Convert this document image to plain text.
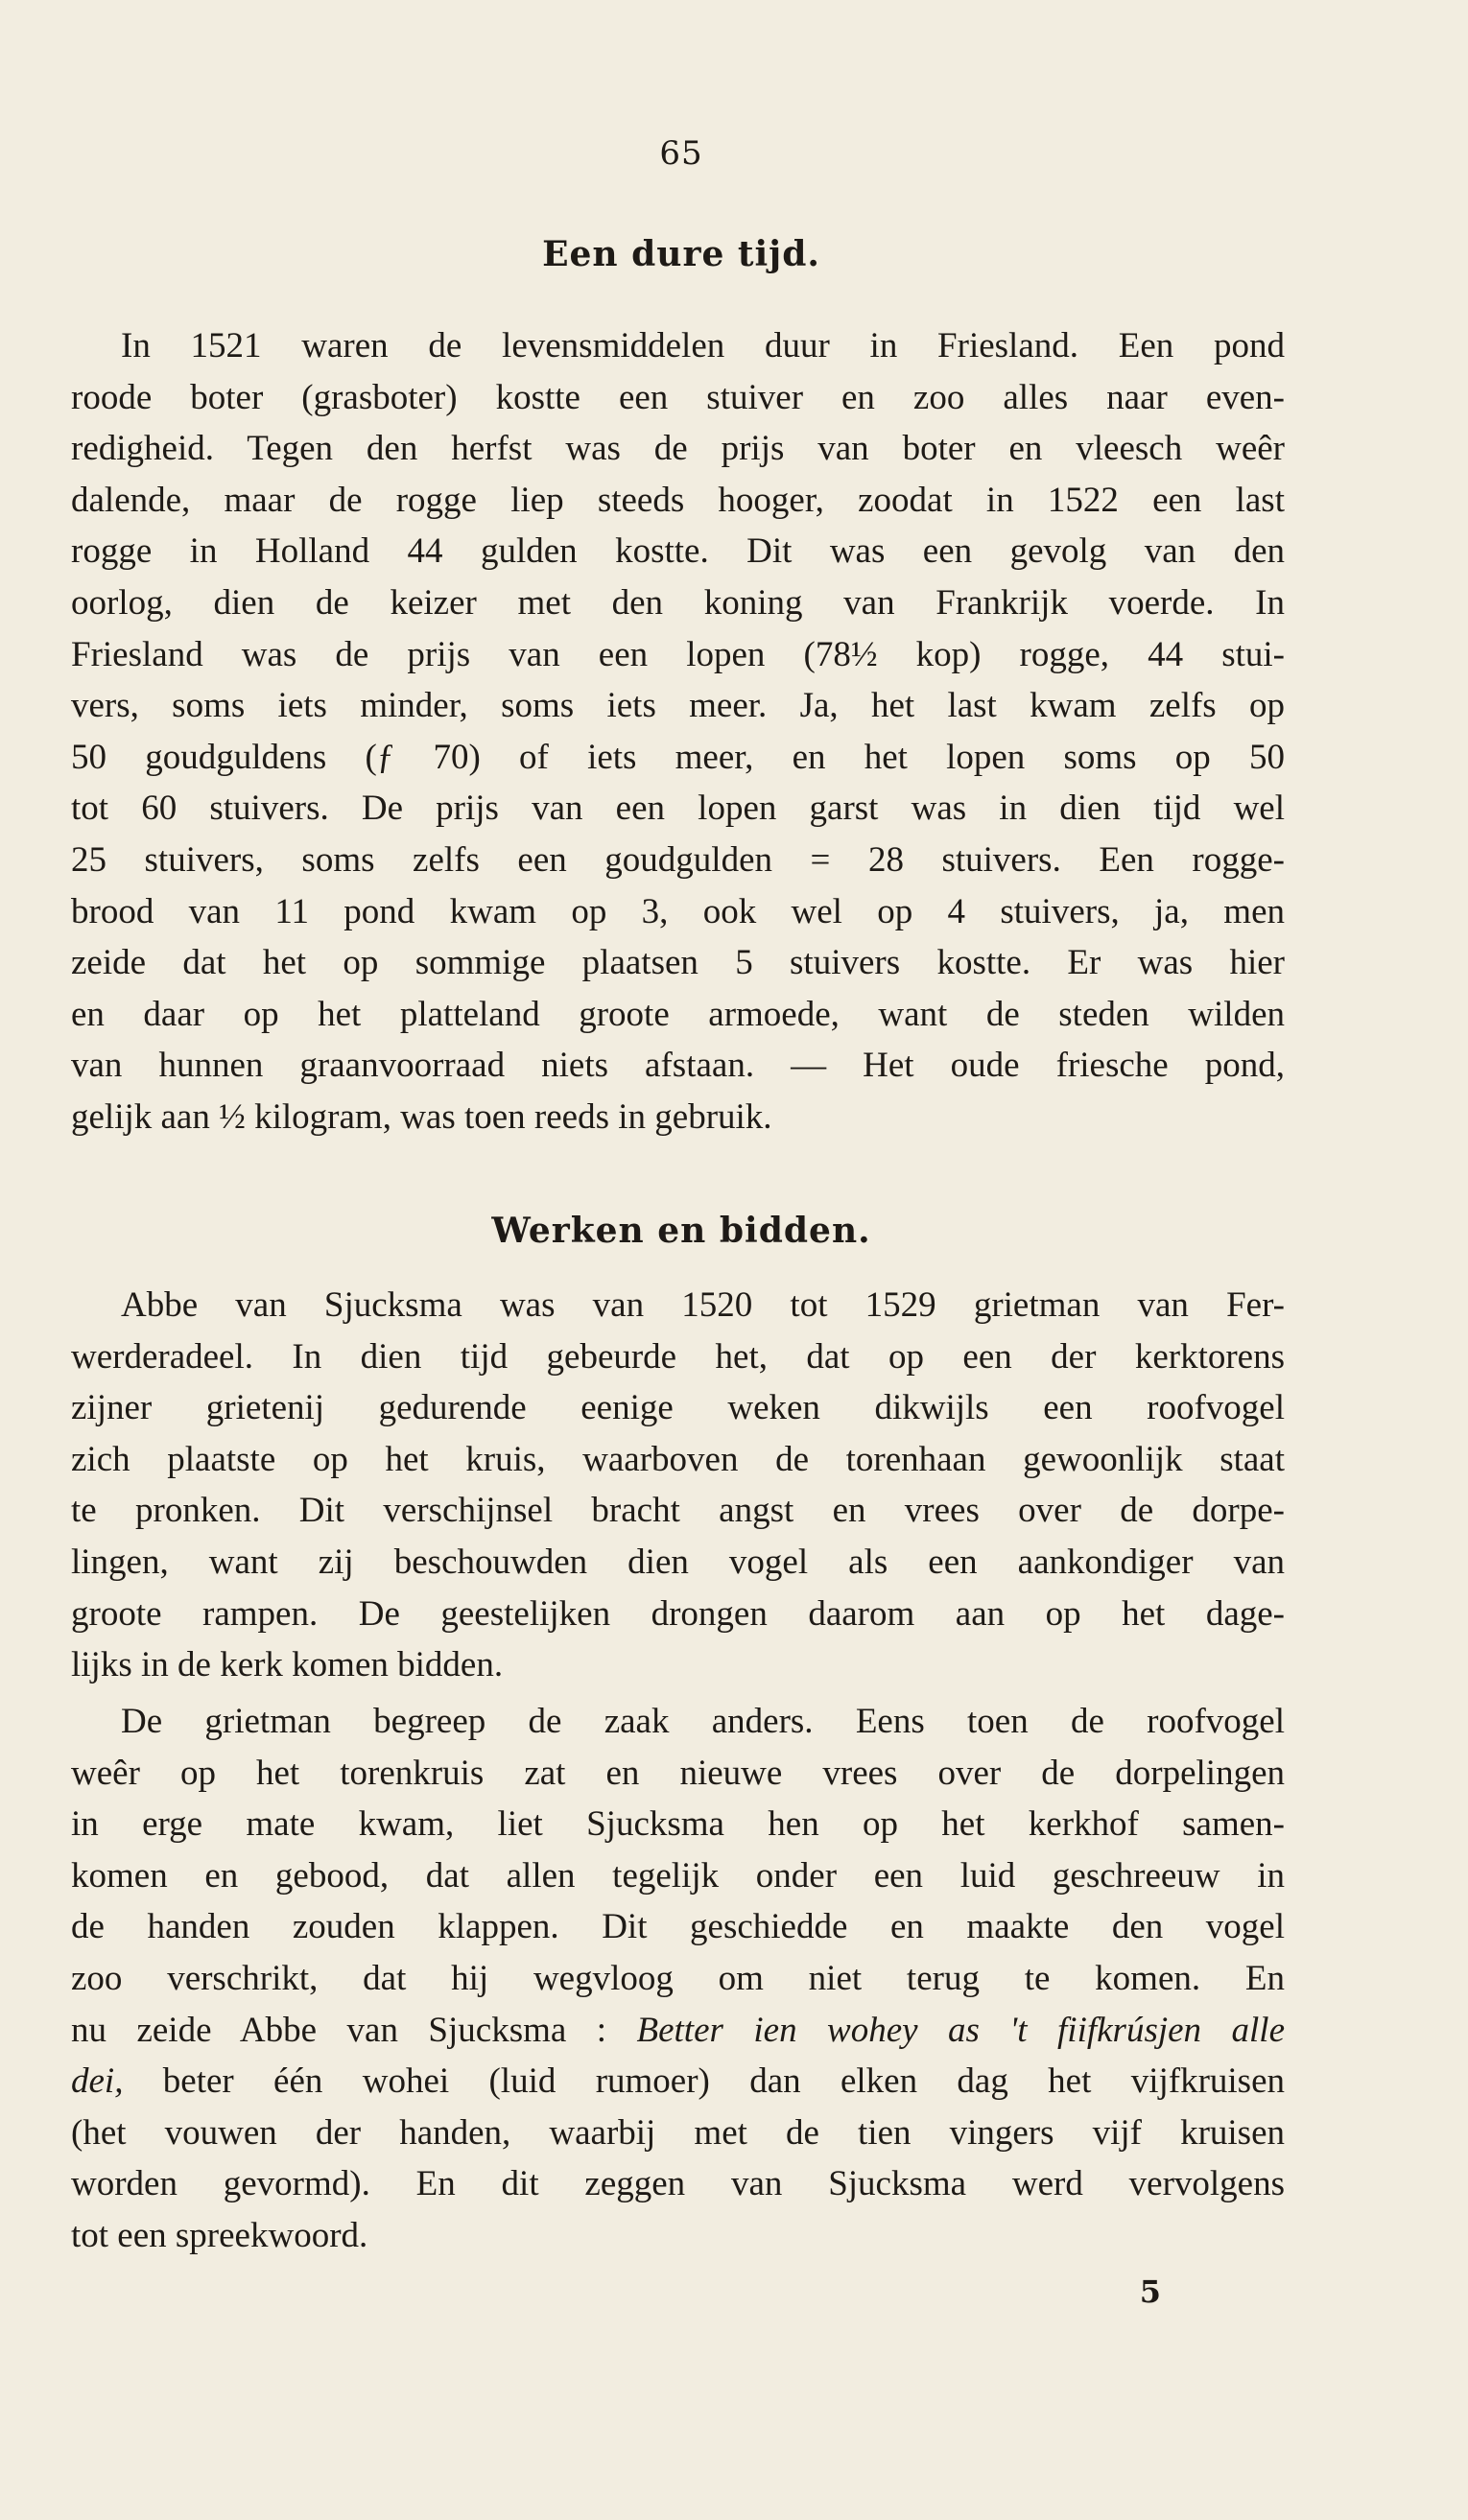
65
Een dure tijd.
In 1521 waren de levensmiddelen duur in Friesland. Een pond
roode boter (grasboter) kostte een stuiver en zoo alles naar even-
redigheid. Tegen den herfst was de prijs van boter en vleesch weêr
dalende, maar de rogge liep steeds hooger, zoodat in 1522 een last
rogge in Holland 44 gulden kostte. Dit was een gevolg van den
oorlog, dien de keizer met den koning van Frankrijk voerde. In
Friesland was de prijs van een lopen (78½ kop) rogge, 44 stui-
vers, soms iets minder, soms iets meer. Ja, het last kwam zelfs op
50 goudguldens (ƒ 70) of iets meer, en het lopen soms op 50
tot 60 stuivers. De prijs van een lopen garst was in dien tijd wel
25 stuivers, soms zelfs een goudgulden = 28 stuivers. Een rogge-
brood van 11 pond kwam op 3, ook wel op 4 stuivers, ja, men
zeide dat het op sommige plaatsen 5 stuivers kostte. Er was hier
en daar op het platteland groote armoede, want de steden wilden
van hunnen graanvoorraad niets afstaan. — Het oude friesche pond,
gelijk aan ½ kilogram, was toen reeds in gebruik.
Werken en bidden.
Abbe van Sjucksma was van 1520 tot 1529 grietman van Fer-
werderadeel. In dien tijd gebeurde het, dat op een der kerktorens
zijner grietenij gedurende eenige weken dikwijls een roofvogel
zich plaatste op het kruis, waarboven de torenhaan gewoonlijk staat
te pronken. Dit verschijnsel bracht angst en vrees over de dorpe-
lingen, want zij beschouwden dien vogel als een aankondiger van
groote rampen. De geestelijken drongen daarom aan op het dage-
lijks in de kerk komen bidden.
De grietman begreep de zaak anders. Eens toen de roofvogel
weêr op het torenkruis zat en nieuwe vrees over de dorpelingen
in erge mate kwam, liet Sjucksma hen op het kerkhof samen-
komen en gebood, dat allen tegelijk onder een luid geschreeuw in
de handen zouden klappen. Dit geschiedde en maakte den vogel
zoo verschrikt, dat hij wegvloog om niet terug te komen. En
nu zeide Abbe van Sjucksma : Better ien wohey as 't fiifkrúsjen alle
dei, beter één wohei (luid rumoer) dan elken dag het vijfkruisen
(het vouwen der handen, waarbij met de tien vingers vijf kruisen
worden gevormd). En dit zeggen van Sjucksma werd vervolgens
tot een spreekwoord.
5
